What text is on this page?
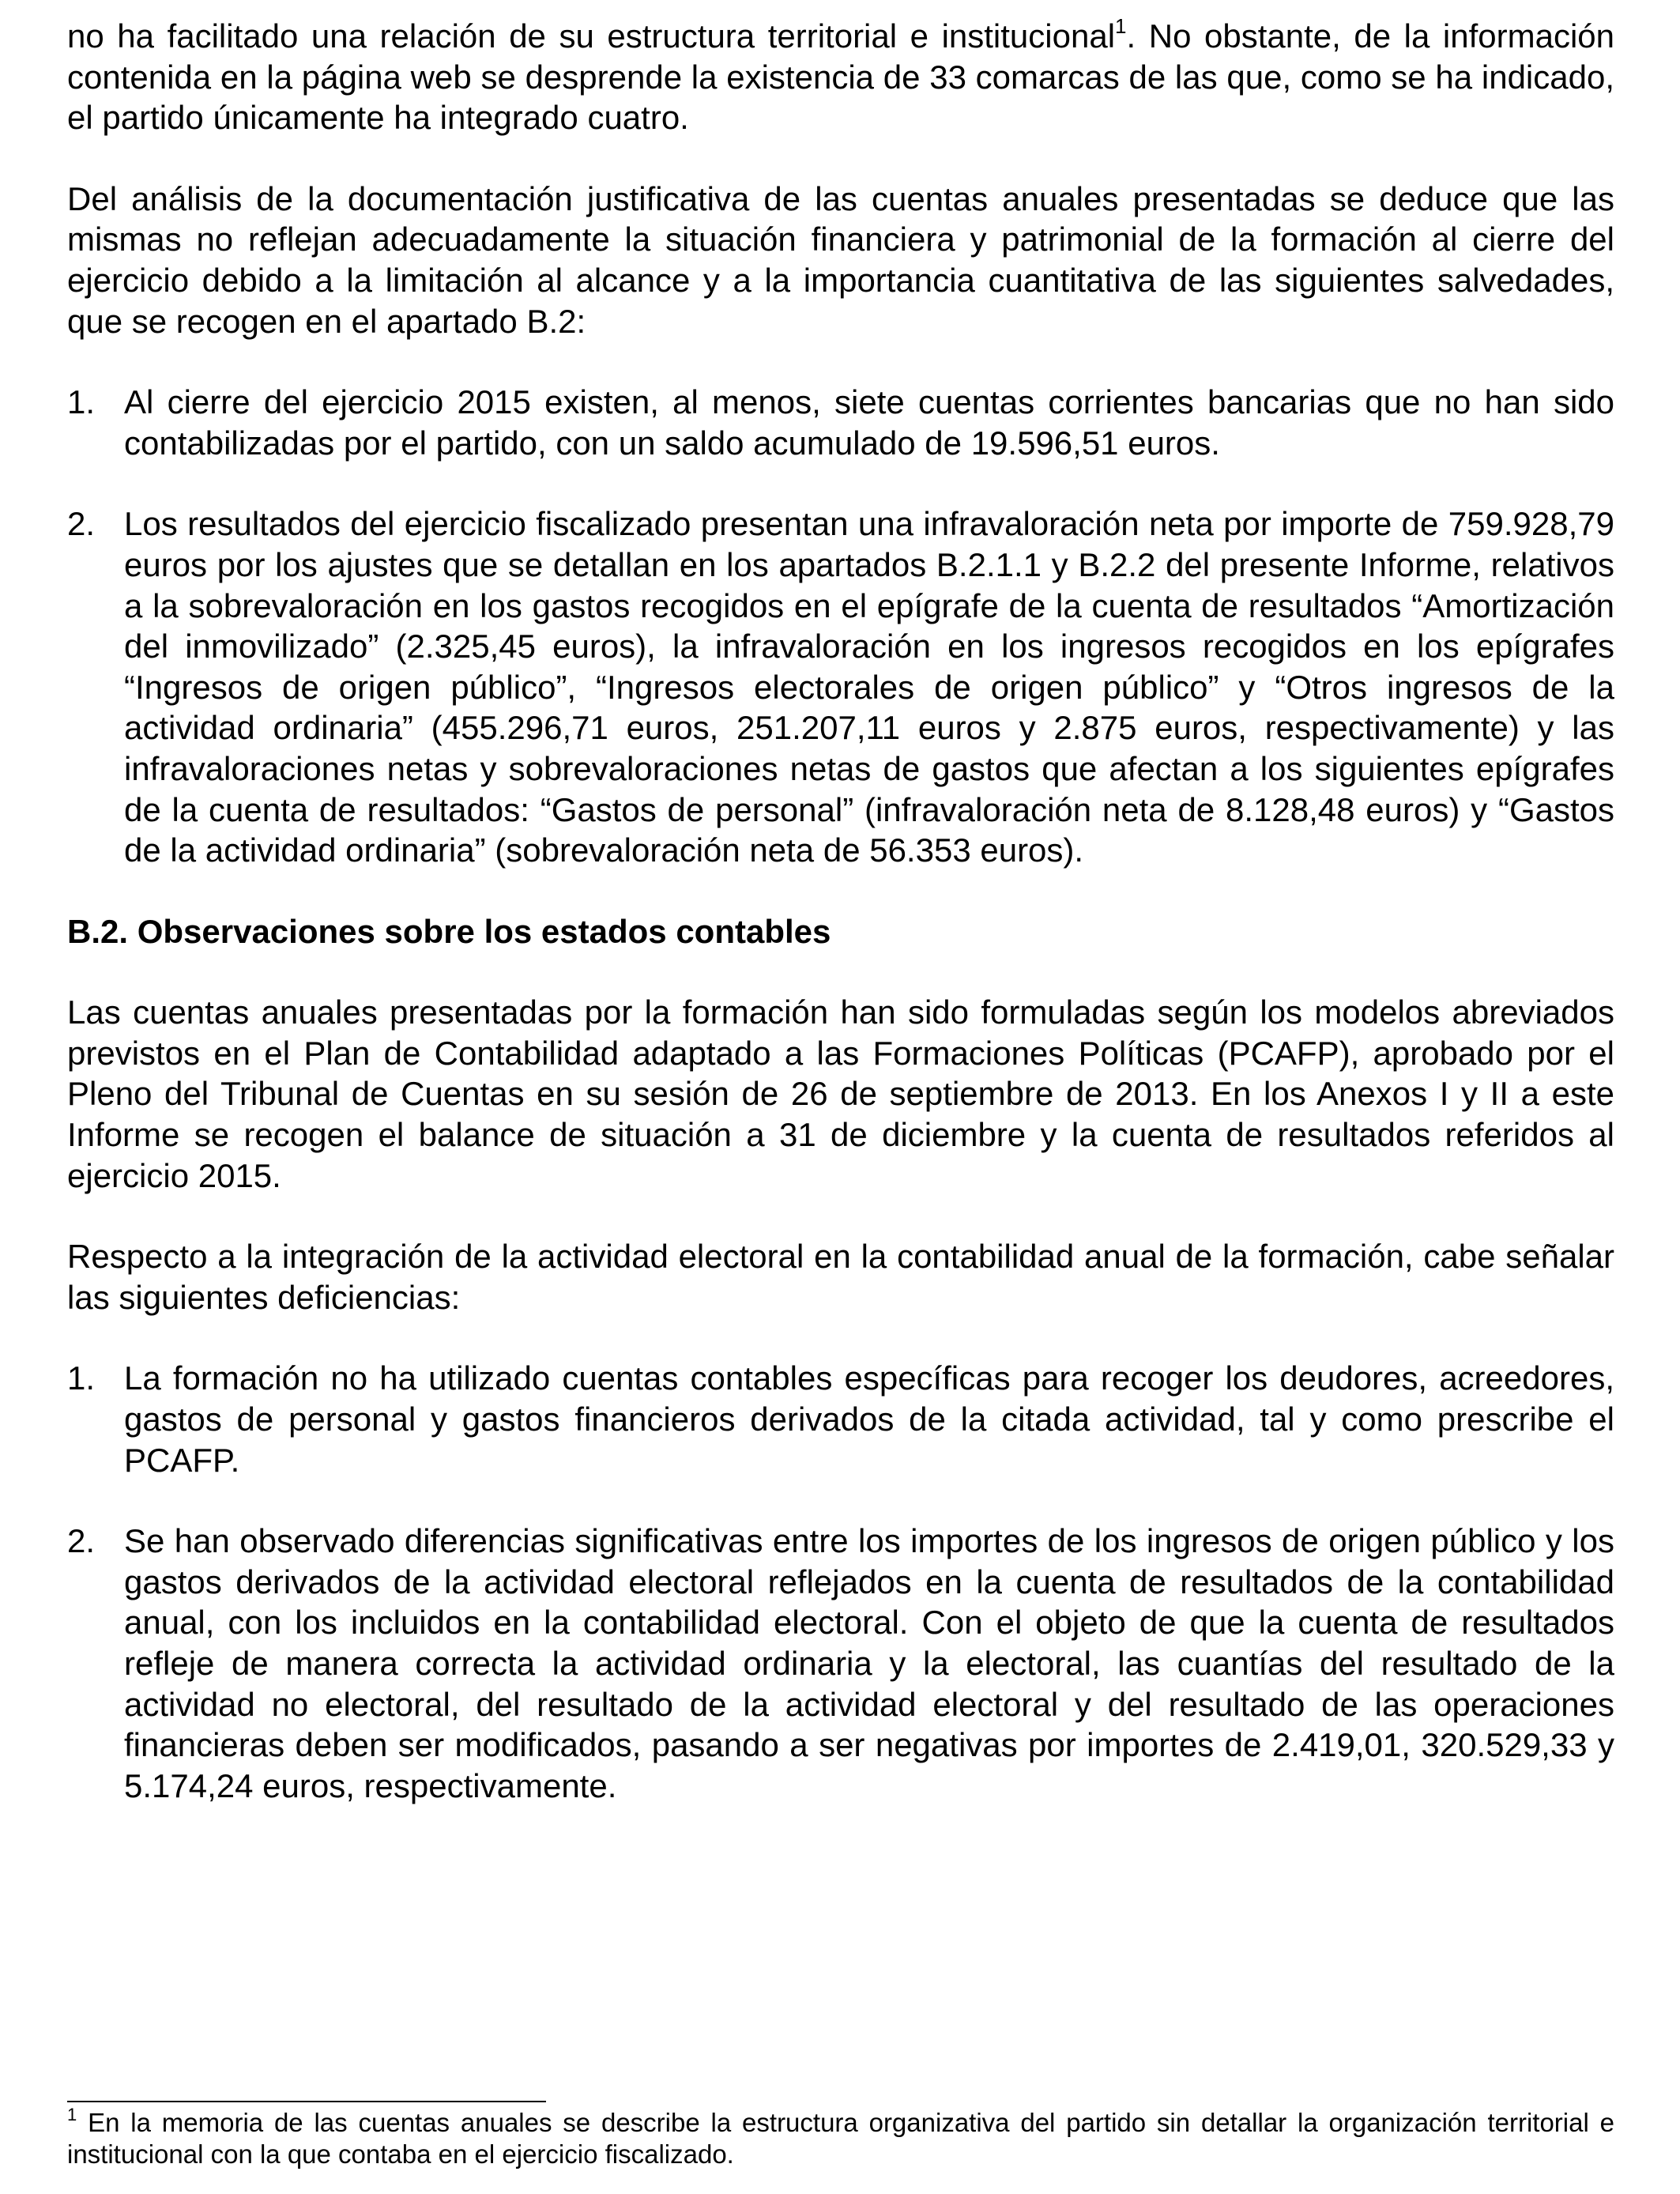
no ha facilitado una relación de su estructura territorial e institucional$^1$. No obstante, de la información contenida en la página web se desprende la existencia de 33 comarcas de las que, como se ha indicado, el partido únicamente ha integrado cuatro.

Del análisis de la documentación justificativa de las cuentas anuales presentadas se deduce que las mismas no reflejan adecuadamente la situación financiera y patrimonial de la formación al cierre del ejercicio debido a la limitación al alcance y a la importancia cuantitativa de las siguientes salvedades, que se recogen en el apartado B.2:

1. Al cierre del ejercicio 2015 existen, al menos, siete cuentas corrientes bancarias que no han sido contabilizadas por el partido, con un saldo acumulado de 19.596,51 euros.
2. Los resultados del ejercicio fiscalizado presentan una infravaloración neta por importe de 759.928,79 euros por los ajustes que se detallan en los apartados B.2.1.1 y B.2.2 del presente Informe, relativos a la sobrevaloración en los gastos recogidos en el epígrafe de la cuenta de resultados “Amortización del inmovilizado” (2.325,45 euros), la infravaloración en los ingresos recogidos en los epígrafes “Ingresos de origen público”, “Ingresos electorales de origen público” y “Otros ingresos de la actividad ordinaria” (455.296,71 euros, 251.207,11 euros y 2.875 euros, respectivamente) y las infravaloraciones netas y sobrevaloraciones netas de gastos que afectan a los siguientes epígrafes de la cuenta de resultados: “Gastos de personal” (infravaloración neta de 8.128,48 euros) y “Gastos de la actividad ordinaria” (sobrevaloración neta de 56.353 euros).
B.2. Observaciones sobre los estados contables

Las cuentas anuales presentadas por la formación han sido formuladas según los modelos abreviados previstos en el Plan de Contabilidad adaptado a las Formaciones Políticas (PCAFP), aprobado por el Pleno del Tribunal de Cuentas en su sesión de 26 de septiembre de 2013. En los Anexos I y II a este Informe se recogen el balance de situación a 31 de diciembre y la cuenta de resultados referidos al ejercicio 2015.

Respecto a la integración de la actividad electoral en la contabilidad anual de la formación, cabe señalar las siguientes deficiencias:

1. La formación no ha utilizado cuentas contables específicas para recoger los deudores, acreedores, gastos de personal y gastos financieros derivados de la citada actividad, tal y como prescribe el PCAFP.
2. Se han observado diferencias significativas entre los importes de los ingresos de origen público y los gastos derivados de la actividad electoral reflejados en la cuenta de resultados de la contabilidad anual, con los incluidos en la contabilidad electoral. Con el objeto de que la cuenta de resultados refleje de manera correcta la actividad ordinaria y la electoral, las cuantías del resultado de la actividad no electoral, del resultado de la actividad electoral y del resultado de las operaciones financieras deben ser modificados, pasando a ser negativas por importes de 2.419,01, 320.529,33 y 5.174,24 euros, respectivamente.
$^1$ En la memoria de las cuentas anuales se describe la estructura organizativa del partido sin detallar la organización territorial e institucional con la que contaba en el ejercicio fiscalizado.
